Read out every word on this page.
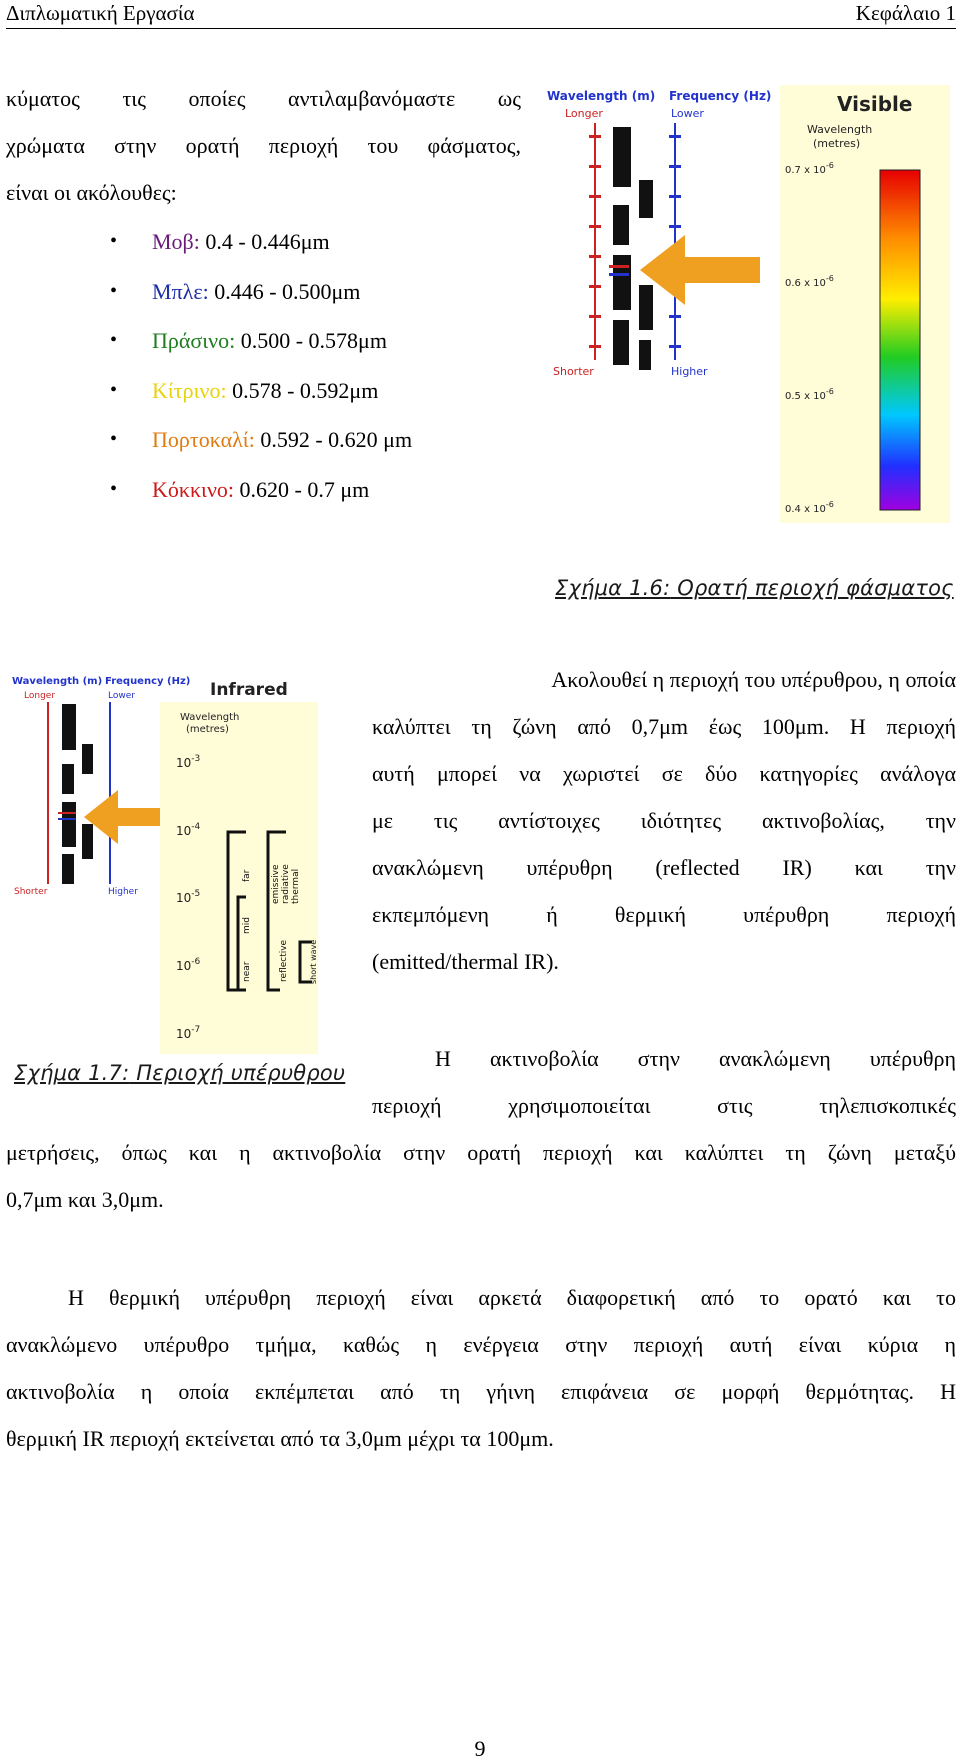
Διπλωματική Εργασία	Κεφάλαιο 1
κύματος τις οποίες αντιλαμβανόμαστε ως
χρώματα στην ορατή περιοχή του φάσματος,
είναι οι ακόλουθες:
• Μοβ: 0.4 - 0.446μm
• Μπλε: 0.446 - 0.500μm
• Πράσινο: 0.500 - 0.578μm
• Κίτρινο: 0.578 - 0.592μm
• Πορτοκαλί: 0.592 - 0.620 μm
• Κόκκινο: 0.620 - 0.7 μm
Wavelength (m) Frequency (Hz)
Longer	Lower
Shorter	Higher
Visible
Wavelength
(metres)
0.7 x $10^{-6}$
0.6 x $10^{-6}$
0.5 x $10^{-6}$
0.4 x $10^{-6}$
Σχήμα 1.6: Ορατή περιοχή φάσματος
Wavelength (m) Frequency (Hz)
Longer	Lower
Shorter	Higher
Infrared
Wavelength
(metres)
$10^{-3}$
$10^{-4}$
$10^{-5}$
$10^{-6}$
$10^{-7}$
near
mid
far
reflective
emissive radiative thermal
short wave
Σχήμα 1.7: Περιοχή υπέρυθρου
Ακολουθεί η περιοχή του υπέρυθρου, η οποία
καλύπτει τη ζώνη από 0,7μm έως 100μm. Η περιοχή
αυτή μπορεί να χωριστεί σε δύο κατηγορίες ανάλογα
με τις αντίστοιχες ιδιότητες ακτινοβολίας, την
ανακλώμενη υπέρυθρη (reflected IR) και την
εκπεμπόμενη ή θερμική υπέρυθρη περιοχή
(emitted/thermal IR).
Η ακτινοβολία στην ανακλώμενη υπέρυθρη
περιοχή χρησιμοποιείται στις τηλεπισκοπικές
μετρήσεις, όπως και η ακτινοβολία στην ορατή περιοχή και καλύπτει τη ζώνη μεταξύ
0,7μm και 3,0μm.
Η θερμική υπέρυθρη περιοχή είναι αρκετά διαφορετική από το ορατό και το
ανακλώμενο υπέρυθρο τμήμα, καθώς η ενέργεια στην περιοχή αυτή είναι κύρια η
ακτινοβολία η οποία εκπέμπεται από τη γήινη επιφάνεια σε μορφή θερμότητας. Η
θερμική IR περιοχή εκτείνεται από τα 3,0μm μέχρι τα 100μm.
9
